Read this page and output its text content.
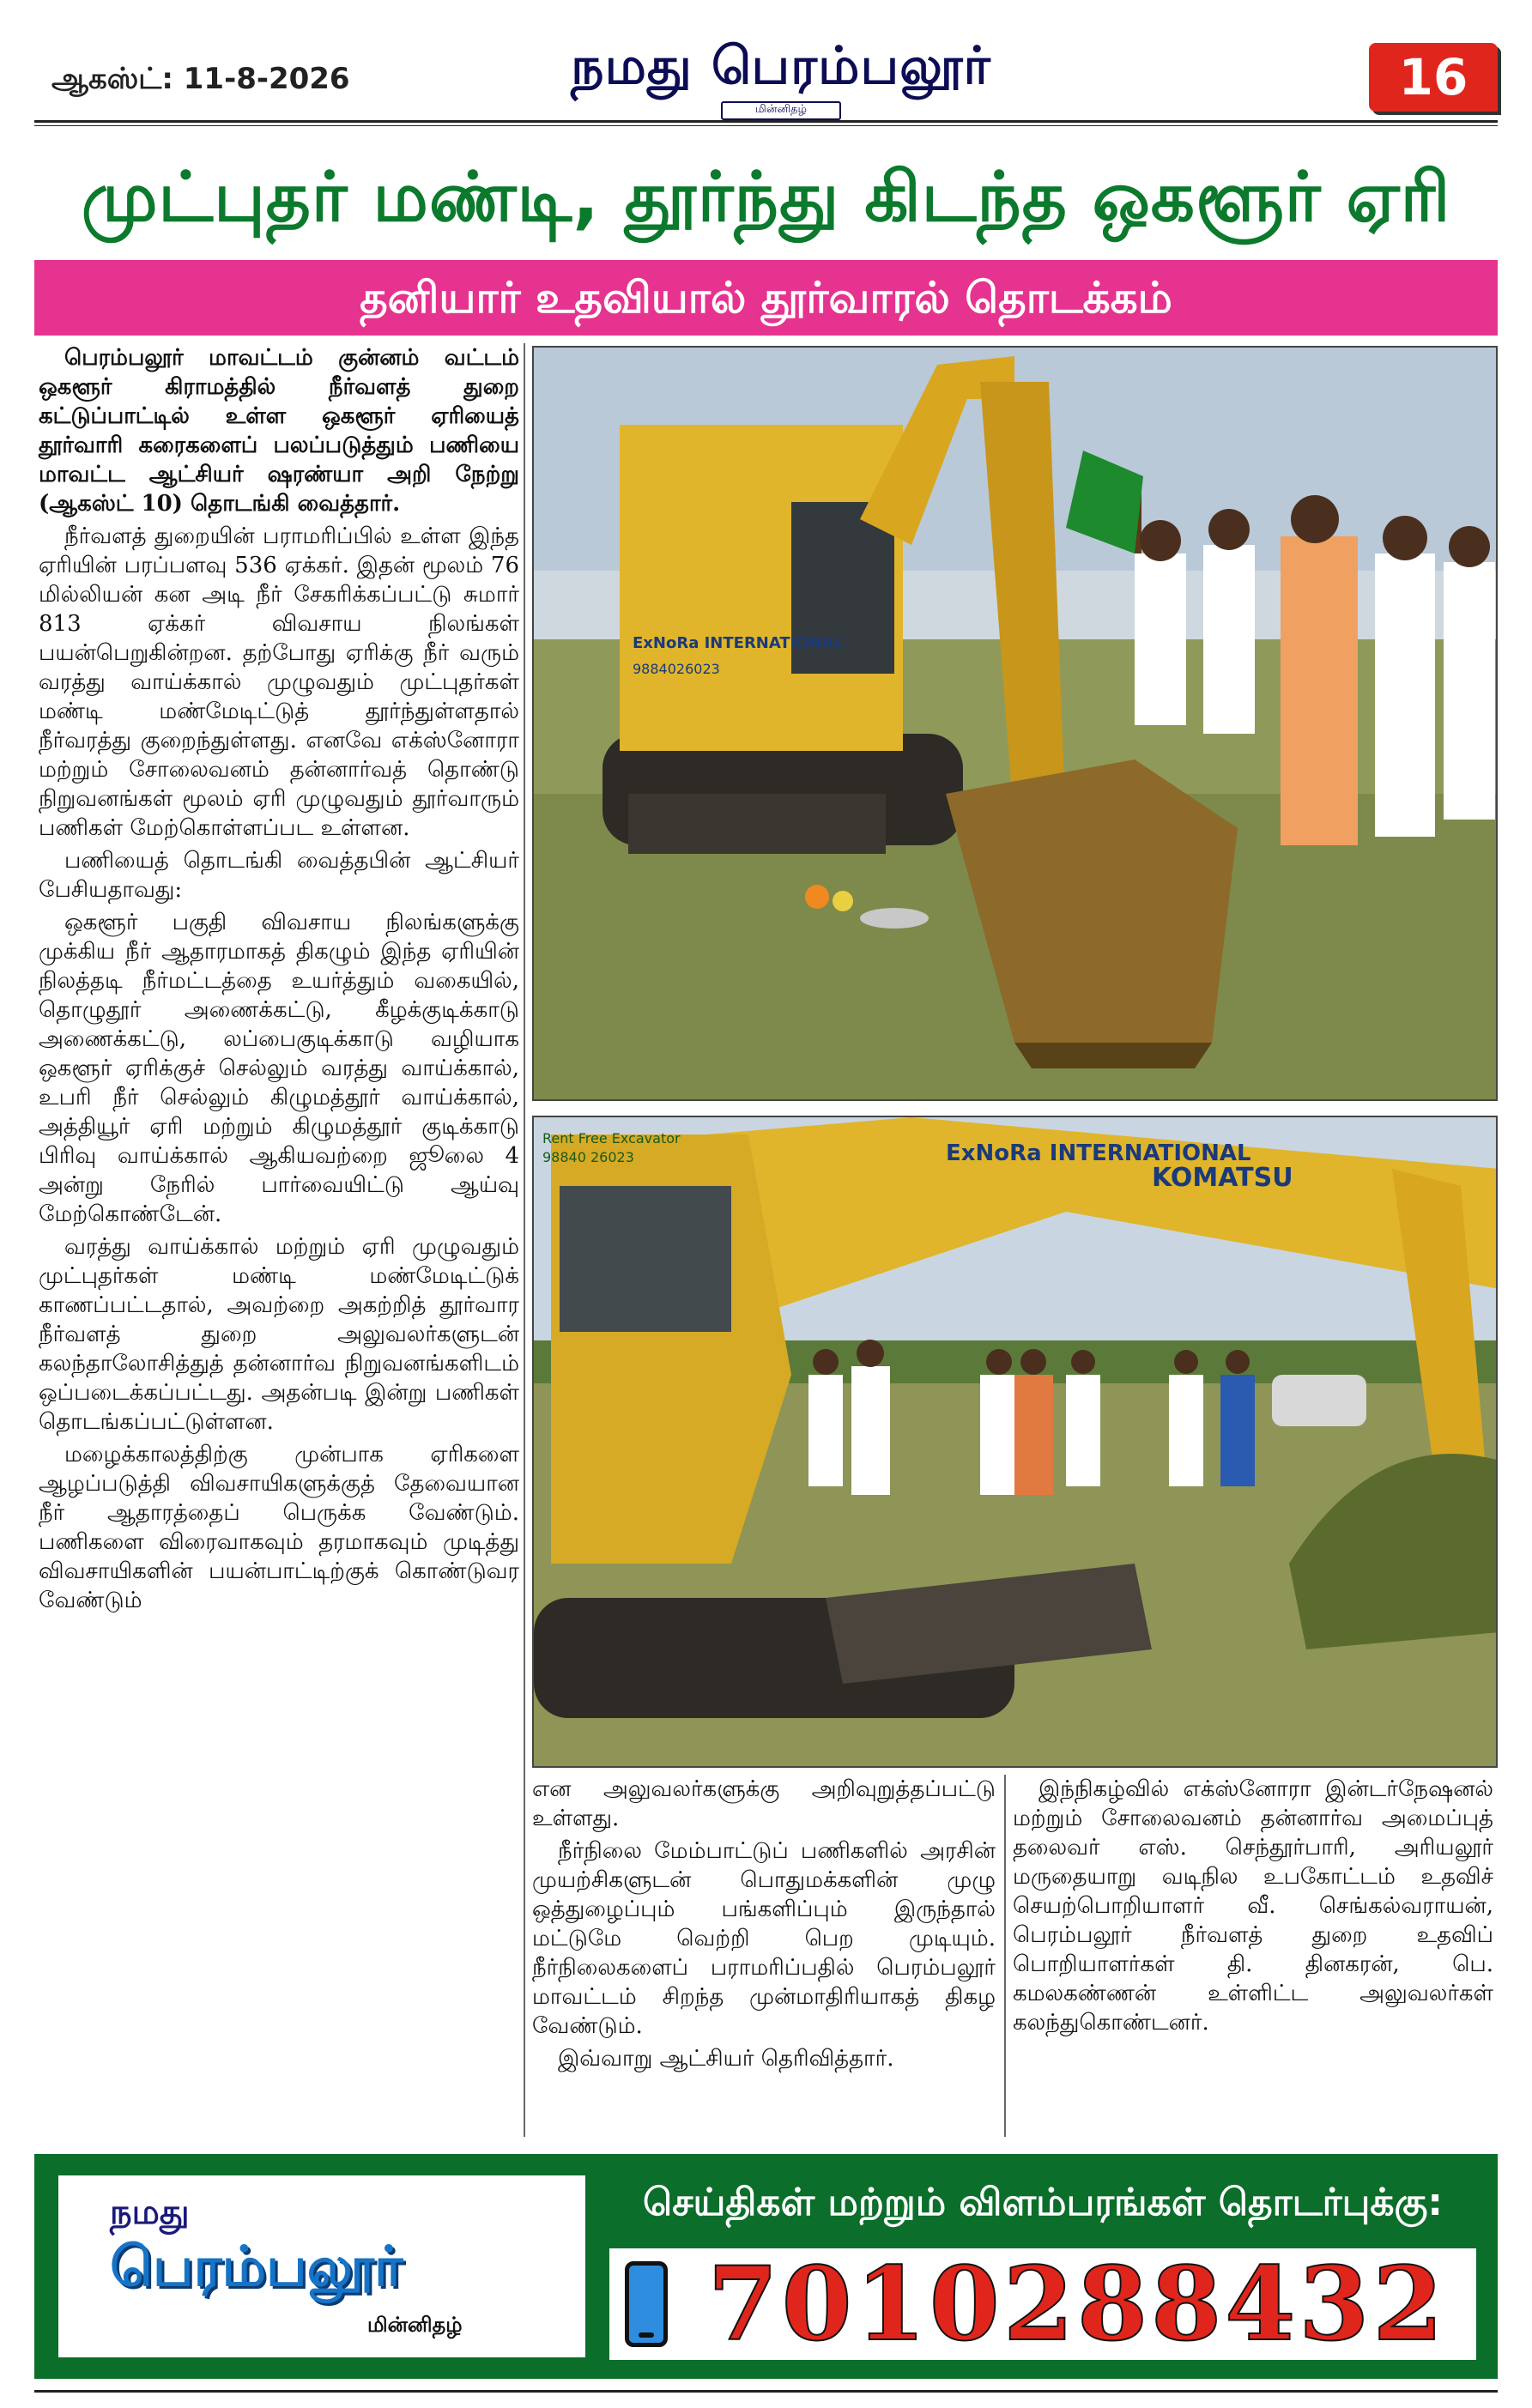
ஆகஸ்ட்: 11-8-2026	நமது பெரம்பலூர்
மின்னிதழ்
16
முட்புதர் மண்டி, தூர்ந்து கிடந்த ஒகளூர் ஏரி
தனியார் உதவியால் தூர்வாரல் தொடக்கம்

பெரம்பலூர் மாவட்டம் குன்னம் வட்டம் ஒகளூர் கிராமத்தில் நீர்வளத் துறை கட்டுப்பாட்டில் உள்ள ஒகளூர் ஏரியைத் தூர்வாரி கரைகளைப் பலப்படுத்தும் பணியை மாவட்ட ஆட்சியர் ஷரண்யா அறி நேற்று (ஆகஸ்ட் 10) தொடங்கி வைத்தார்.

நீர்வளத் துறையின் பராமரிப்பில் உள்ள இந்த ஏரியின் பரப்பளவு 536 ஏக்கர். இதன் மூலம் 76 மில்லியன் கன அடி நீர் சேகரிக்கப்பட்டு சுமார் 813 ஏக்கர் விவசாய நிலங்கள் பயன்பெறுகின்றன. தற்போது ஏரிக்கு நீர் வரும் வரத்து வாய்க்கால் முழுவதும் முட்புதர்கள் மண்டி மண்மேடிட்டுத் தூர்ந்துள்ளதால் நீர்வரத்து குறைந்துள்ளது. எனவே எக்ஸ்னோரா மற்றும் சோலைவனம் தன்னார்வத் தொண்டு நிறுவனங்கள் மூலம் ஏரி முழுவதும் தூர்வாரும் பணிகள் மேற்கொள்ளப்பட உள்ளன.

பணியைத் தொடங்கி வைத்தபின் ஆட்சியர் பேசியதாவது:

ஒகளூர் பகுதி விவசாய நிலங்களுக்கு முக்கிய நீர் ஆதாரமாகத் திகழும் இந்த ஏரியின் நிலத்தடி நீர்மட்டத்தை உயர்த்தும் வகையில், தொழுதூர் அணைக்கட்டு, கீழக்குடிக்காடு அணைக்கட்டு, லப்பைகுடிக்காடு வழியாக ஒகளூர் ஏரிக்குச் செல்லும் வரத்து வாய்க்கால், உபரி நீர் செல்லும் கிழுமத்தூர் வாய்க்கால், அத்தியூர் ஏரி மற்றும் கிழுமத்தூர் குடிக்காடு பிரிவு வாய்க்கால் ஆகியவற்றை ஜூலை 4 அன்று நேரில் பார்வையிட்டு ஆய்வு மேற்கொண்டேன்.

வரத்து வாய்க்கால் மற்றும் ஏரி முழுவதும் முட்புதர்கள் மண்டி மண்மேடிட்டுக் காணப்பட்டதால், அவற்றை அகற்றித் தூர்வார நீர்வளத் துறை அலுவலர்களுடன் கலந்தாலோசித்துத் தன்னார்வ நிறுவனங்களிடம் ஒப்படைக்கப்பட்டது. அதன்படி இன்று பணிகள் தொடங்கப்பட்டுள்ளன.

மழைக்காலத்திற்கு முன்பாக ஏரிகளை ஆழப்படுத்தி விவசாயிகளுக்குத் தேவையான நீர் ஆதாரத்தைப் பெருக்க வேண்டும். பணிகளை விரைவாகவும் தரமாகவும் முடித்து விவசாயிகளின் பயன்பாட்டிற்குக் கொண்டுவர வேண்டும்

ExNoRa INTERNATIONAL
9884026023
ExNoRa INTERNATIONAL
KOMATSU
Rent Free Excavator
98840 26023

என அலுவலர்களுக்கு அறிவுறுத்தப்பட்டு உள்ளது.

நீர்நிலை மேம்பாட்டுப் பணிகளில் அரசின் முயற்சிகளுடன் பொதுமக்களின் முழு ஒத்துழைப்பும் பங்களிப்பும் இருந்தால் மட்டுமே வெற்றி பெற முடியும். நீர்நிலைகளைப் பராமரிப்பதில் பெரம்பலூர் மாவட்டம் சிறந்த முன்மாதிரியாகத் திகழ வேண்டும்.

இவ்வாறு ஆட்சியர் தெரிவித்தார்.

இந்நிகழ்வில் எக்ஸ்னோரா இன்டர்நேஷனல் மற்றும் சோலைவனம் தன்னார்வ அமைப்புத் தலைவர் எஸ். செந்தூர்பாரி, அரியலூர் மருதையாறு வடிநில உபகோட்டம் உதவிச் செயற்பொறியாளர் வீ. செங்கல்வராயன், பெரம்பலூர் நீர்வளத் துறை உதவிப் பொறியாளர்கள் தி. தினகரன், பெ. கமலகண்ணன் உள்ளிட்ட அலுவலர்கள் கலந்துகொண்டனர்.

நமது
பெரம்பலூர்
மின்னிதழ்
செய்திகள் மற்றும் விளம்பரங்கள் தொடர்புக்கு:
7010288432
